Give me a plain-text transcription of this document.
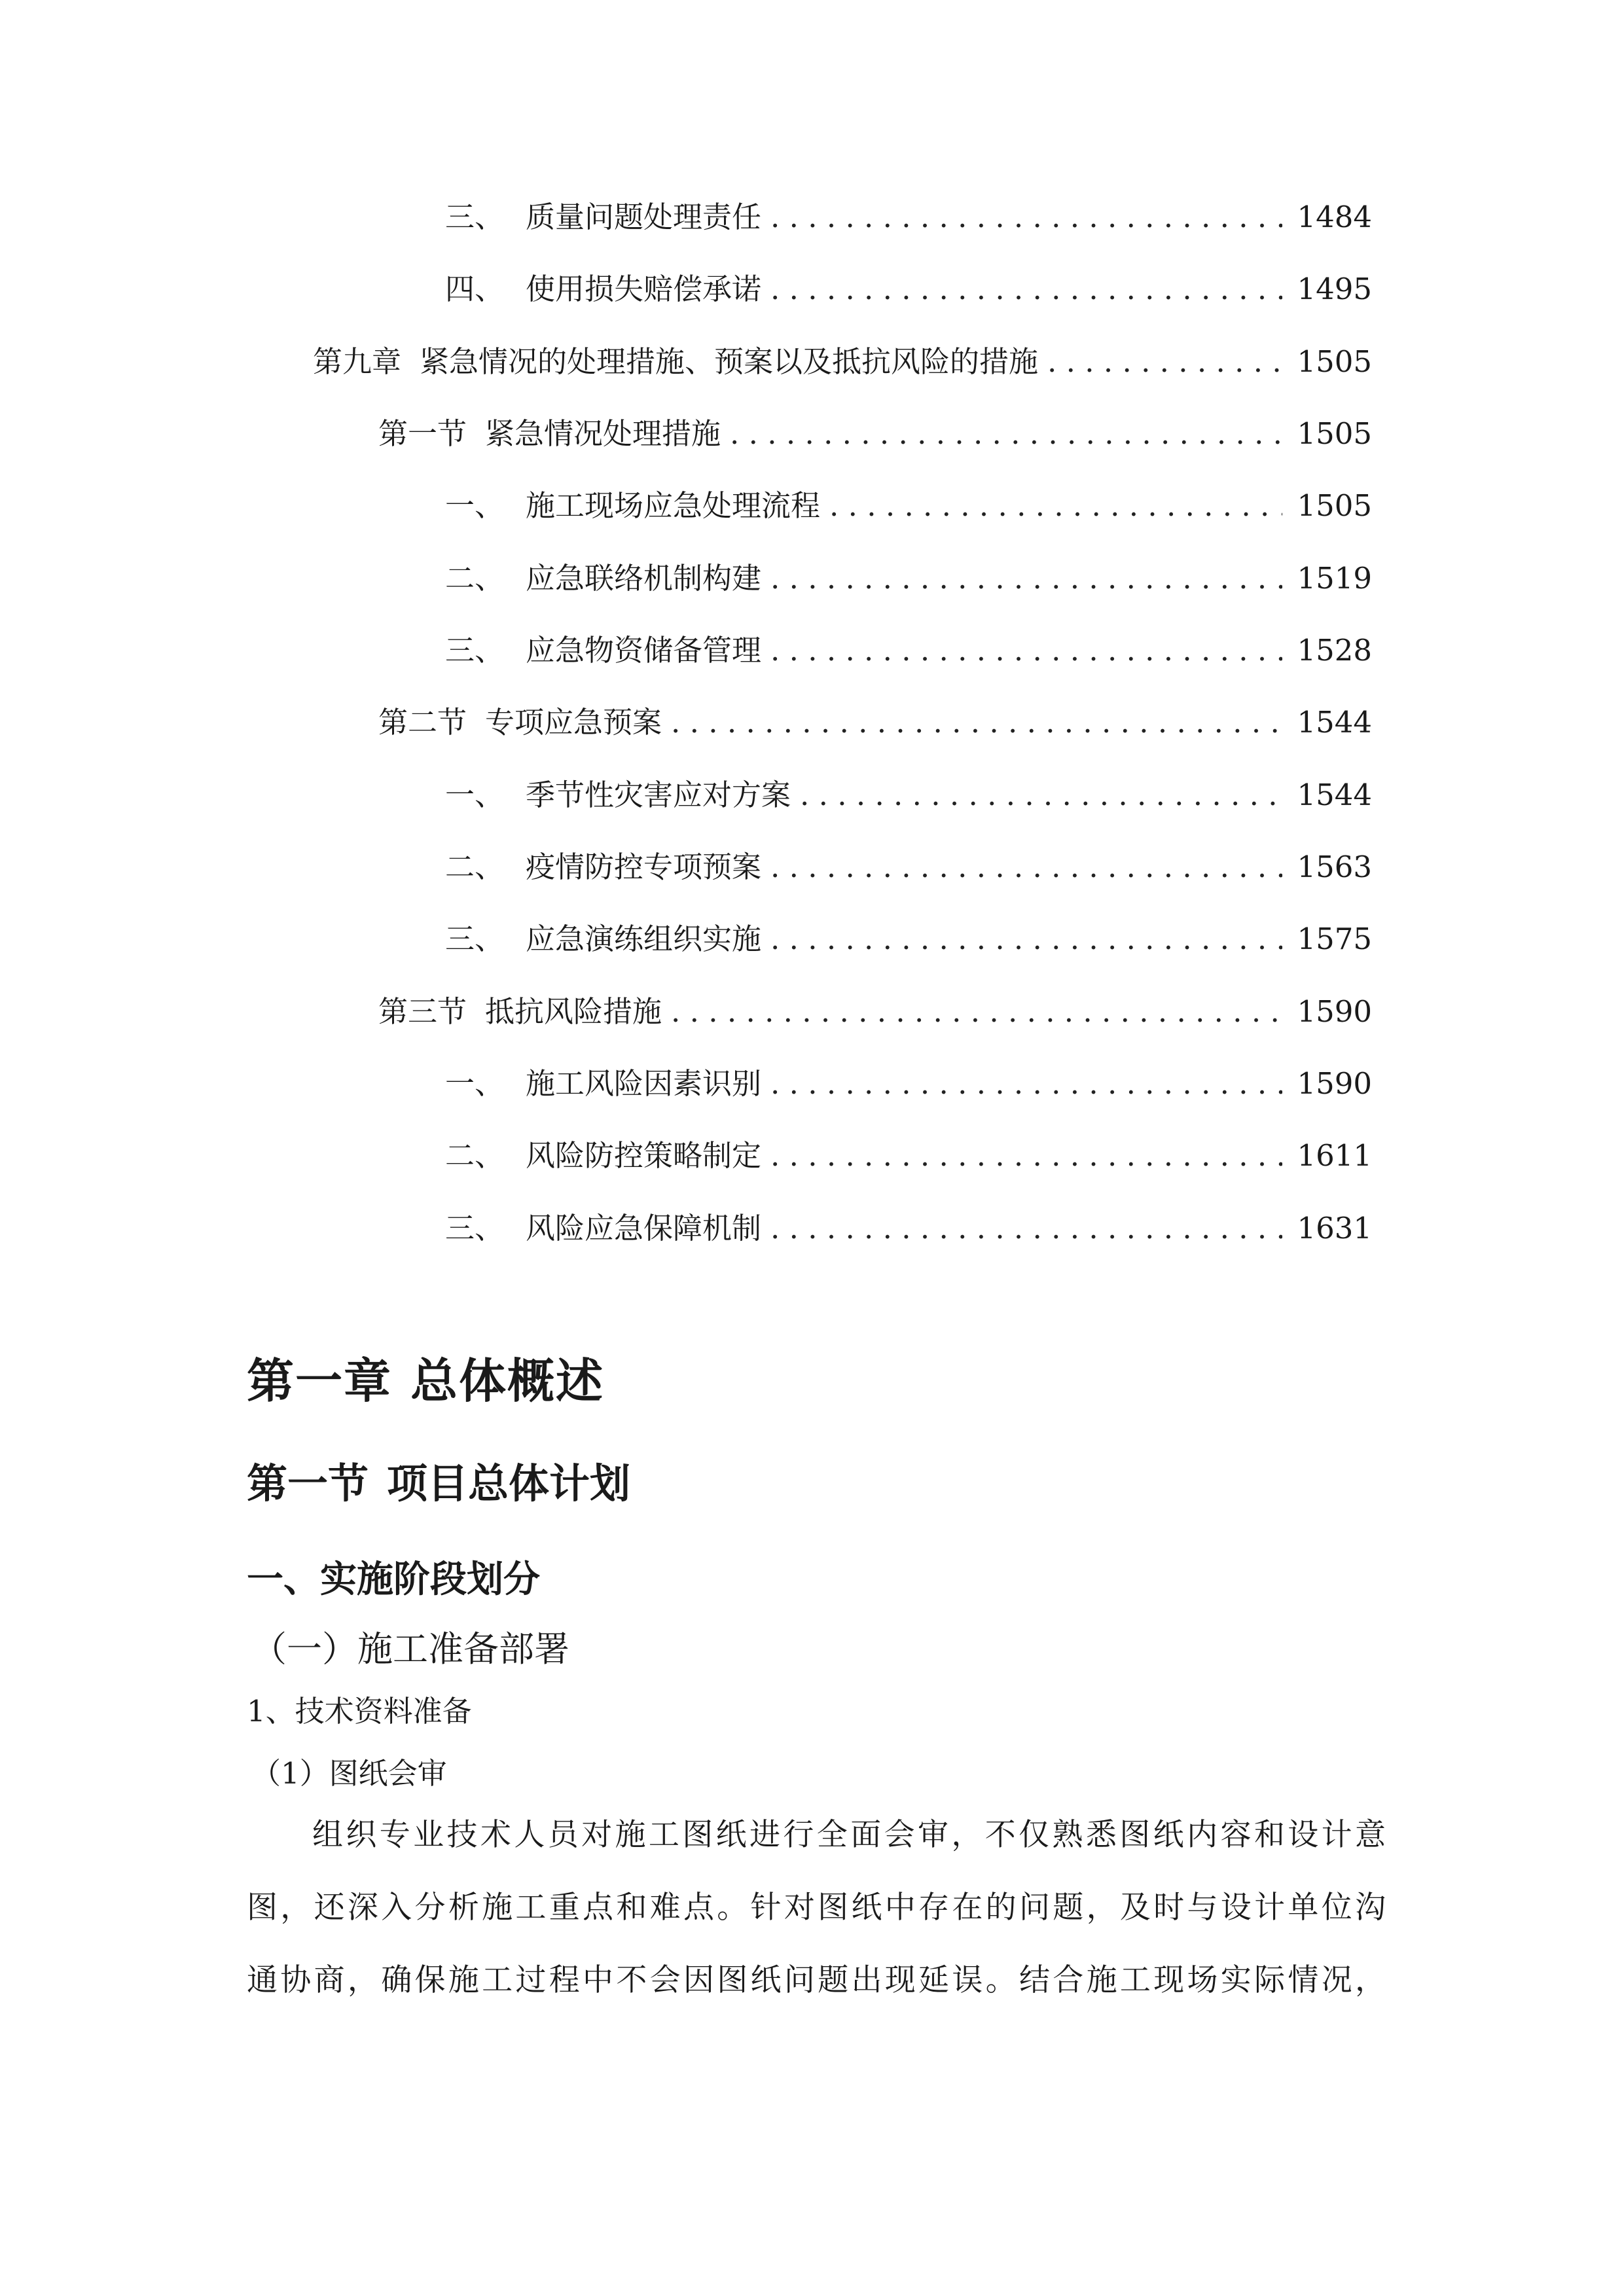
三、 质量问题处理责任 . . .	1484
四、 使用损失赔偿承诺 . . .	1495
第九章 紧急情况的处理措施、预案以及抵抗风险的措施 . . .	1505
第一节 紧急情况处理措施 . . .	1505
一、 施工现场应急处理流程 . . .	1505
二、 应急联络机制构建 . . .	1519
三、 应急物资储备管理 . . .	1528
第二节 专项应急预案 . . .	1544
一、 季节性灾害应对方案 . . .	1544
二、 疫情防控专项预案 . . .	1563
三、 应急演练组织实施 . . .	1575
第三节 抵抗风险措施 . . .	1590
一、 施工风险因素识别 . . .	1590
二、 风险防控策略制定 . . .	1611
三、 风险应急保障机制 . . .	1631
第一章 总体概述
第一节 项目总体计划
一、实施阶段划分
（一）施工准备部署
1、技术资料准备
（1）图纸会审
组织专业技术人员对施工图纸进行全面会审，不仅熟悉图纸内容和设计意
图，还深入分析施工重点和难点。针对图纸中存在的问题，及时与设计单位沟
通协商，确保施工过程中不会因图纸问题出现延误。结合施工现场实际情况，
